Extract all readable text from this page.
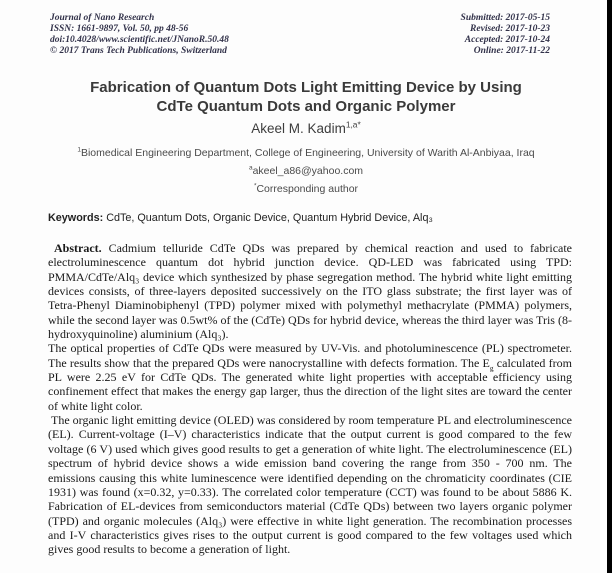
Journal of Nano Research
ISSN: 1661-9897, Vol. 50, pp 48-56
doi:10.4028/www.scientific.net/JNanoR.50.48
© 2017 Trans Tech Publications, Switzerland
Submitted: 2017-05-15
Revised: 2017-10-23
Accepted: 2017-10-24
Online: 2017-11-22
Fabrication of Quantum Dots Light Emitting Device by Using CdTe Quantum Dots and Organic Polymer
Akeel M. Kadim$^{1,a*}$
$^1$Biomedical Engineering Department, College of Engineering, University of Warith Al-Anbiyaa, Iraq
$^a$akeel_a86@yahoo.com
*Corresponding author
Keywords: CdTe, Quantum Dots, Organic Device, Quantum Hybrid Device, Alq₃

Abstract. Cadmium telluride CdTe QDs was prepared by chemical reaction and used to fabricate electroluminescence quantum dot hybrid junction device. QD-LED was fabricated using TPD: PMMA/CdTe/Alq₃ device which synthesized by phase segregation method. The hybrid white light emitting devices consists, of three-layers deposited successively on the ITO glass substrate; the first layer was of Tetra-Phenyl Diaminobiphenyl (TPD) polymer mixed with polymethyl methacrylate (PMMA) polymers, while the second layer was 0.5wt% of the (CdTe) QDs for hybrid device, whereas the third layer was Tris (8-hydroxyquinoline) aluminium (Alq₃).

The optical properties of CdTe QDs were measured by UV-Vis. and photoluminescence (PL) spectrometer. The results show that the prepared QDs were nanocrystalline with defects formation. The $E_g$ calculated from PL were 2.25 eV for CdTe QDs. The generated white light properties with acceptable efficiency using confinement effect that makes the energy gap larger, thus the direction of the light sites are toward the center of white light color.

The organic light emitting device (OLED) was considered by room temperature PL and electroluminescence (EL). Current-voltage (I–V) characteristics indicate that the output current is good compared to the few voltage (6 V) used which gives good results to get a generation of white light. The electroluminescence (EL) spectrum of hybrid device shows a wide emission band covering the range from 350 - 700 nm. The emissions causing this white luminescence were identified depending on the chromaticity coordinates (CIE 1931) was found (x=0.32, y=0.33). The correlated color temperature (CCT) was found to be about 5886 K. Fabrication of EL-devices from semiconductors material (CdTe QDs) between two layers organic polymer (TPD) and organic molecules (Alq₃) were effective in white light generation. The recombination processes and I-V characteristics gives rises to the output current is good compared to the few voltages used which gives good results to become a generation of light.
